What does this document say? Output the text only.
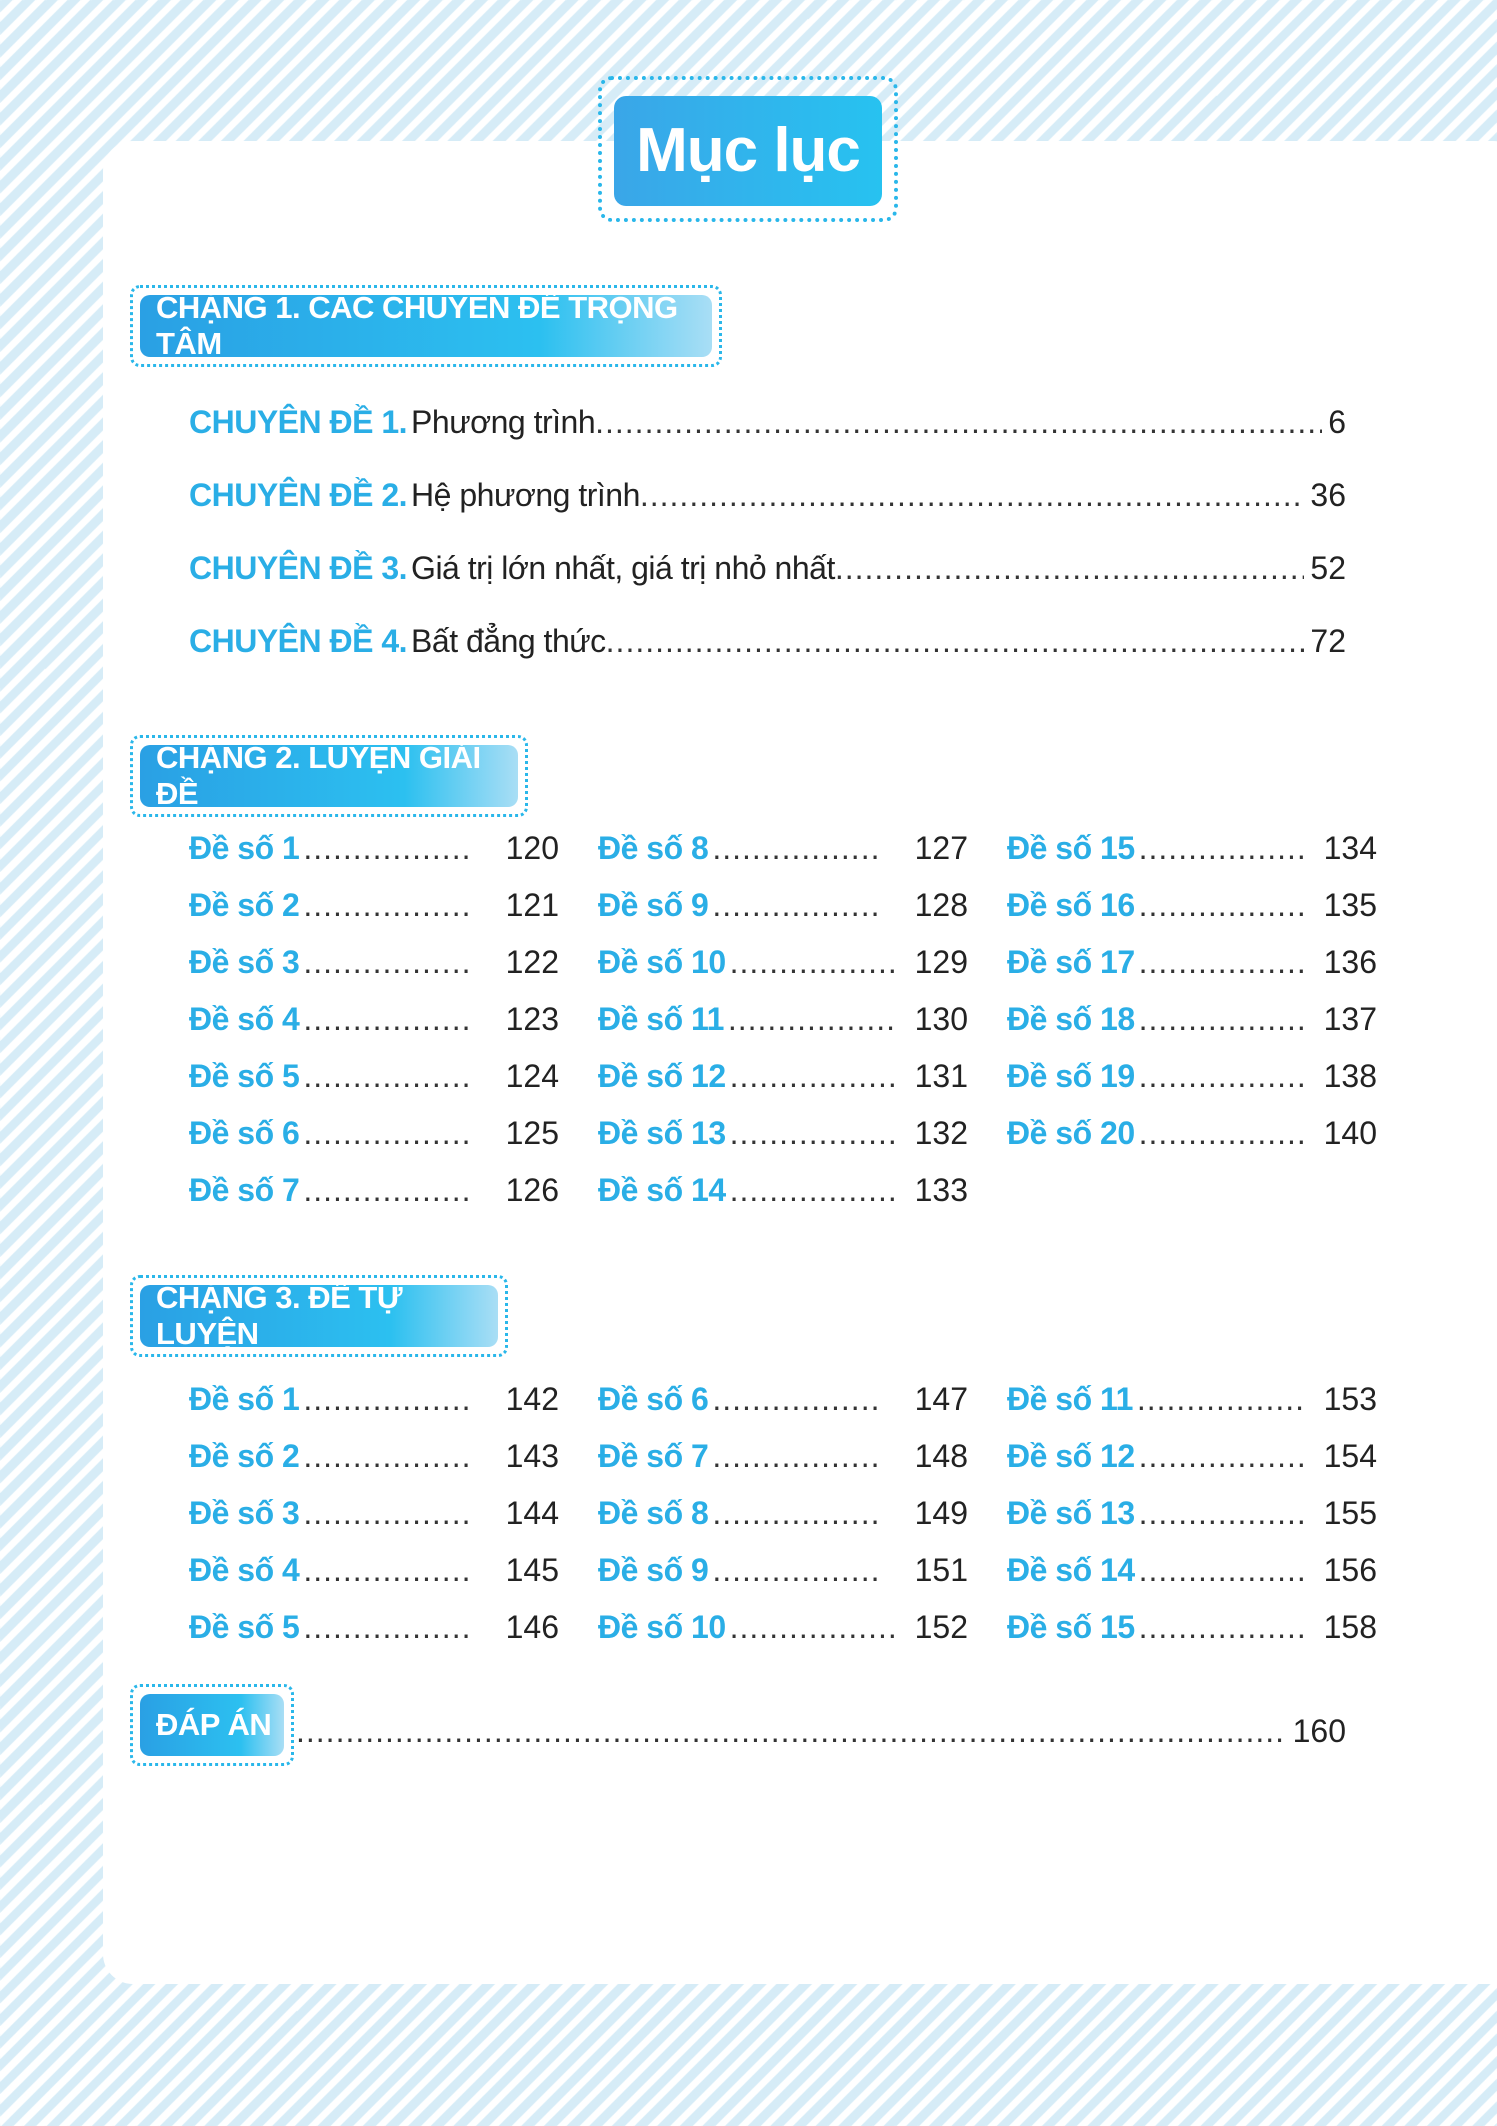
Mục lục
CHẶNG 1. CÁC CHUYÊN ĐỀ TRỌNG TÂM
CHUYÊN ĐỀ 1. Phương trình .....	6
CHUYÊN ĐỀ 2. Hệ phương trình .....	36
CHUYÊN ĐỀ 3. Giá trị lớn nhất, giá trị nhỏ nhất .....	52
CHUYÊN ĐỀ 4. Bất đẳng thức .....	72
CHẶNG 2. LUYỆN GIẢI ĐỀ
Đề số 1 .....	120
Đề số 2 .....	121
Đề số 3 .....	122
Đề số 4 .....	123
Đề số 5 .....	124
Đề số 6 .....	125
Đề số 7 .....	126
Đề số 8 .....	127
Đề số 9 .....	128
Đề số 10 .....	129
Đề số 11 .....	130
Đề số 12 .....	131
Đề số 13 .....	132
Đề số 14 .....	133
Đề số 15 .....	134
Đề số 16 .....	135
Đề số 17 .....	136
Đề số 18 .....	137
Đề số 19 .....	138
Đề số 20 .....	140
CHẶNG 3. ĐỀ TỰ LUYỆN
Đề số 1 .....	142
Đề số 2 .....	143
Đề số 3 .....	144
Đề số 4 .....	145
Đề số 5 .....	146
Đề số 6 .....	147
Đề số 7 .....	148
Đề số 8 .....	149
Đề số 9 .....	151
Đề số 10 .....	152
Đề số 11 .....	153
Đề số 12 .....	154
Đề số 13 .....	155
Đề số 14 .....	156
Đề số 15 .....	158
ĐÁP ÁN .....	160
